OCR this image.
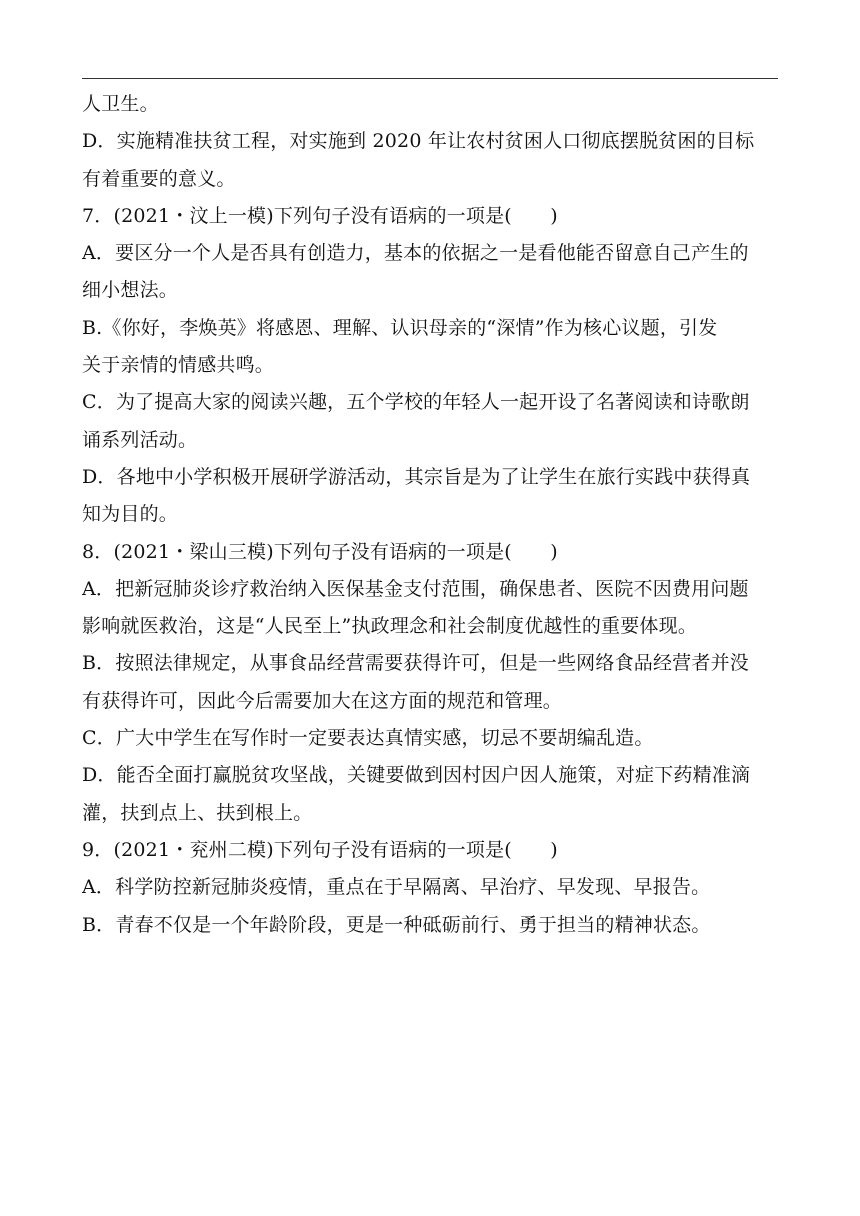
人卫生。
D．实施精准扶贫工程，对实施到 2020 年让农村贫困人口彻底摆脱贫困的目标
有着重要的意义。
7．(2021・汶上一模)下列句子没有语病的一项是(　　)
A．要区分一个人是否具有创造力，基本的依据之一是看他能否留意自己产生的
细小想法。
B.《你好，李焕英》将感恩、理解、认识母亲的“深情”作为核心议题，引发
关于亲情的情感共鸣。
C．为了提高大家的阅读兴趣，五个学校的年轻人一起开设了名著阅读和诗歌朗
诵系列活动。
D．各地中小学积极开展研学游活动，其宗旨是为了让学生在旅行实践中获得真
知为目的。
8．(2021・梁山三模)下列句子没有语病的一项是(　　)
A．把新冠肺炎诊疗救治纳入医保基金支付范围，确保患者、医院不因费用问题
影响就医救治，这是“人民至上”执政理念和社会制度优越性的重要体现。
B．按照法律规定，从事食品经营需要获得许可，但是一些网络食品经营者并没
有获得许可，因此今后需要加大在这方面的规范和管理。
C．广大中学生在写作时一定要表达真情实感，切忌不要胡编乱造。
D．能否全面打赢脱贫攻坚战，关键要做到因村因户因人施策，对症下药精准滴
灌，扶到点上、扶到根上。
9．(2021・兖州二模)下列句子没有语病的一项是(　　)
A．科学防控新冠肺炎疫情，重点在于早隔离、早治疗、早发现、早报告。
B．青春不仅是一个年龄阶段，更是一种砥砺前行、勇于担当的精神状态。
